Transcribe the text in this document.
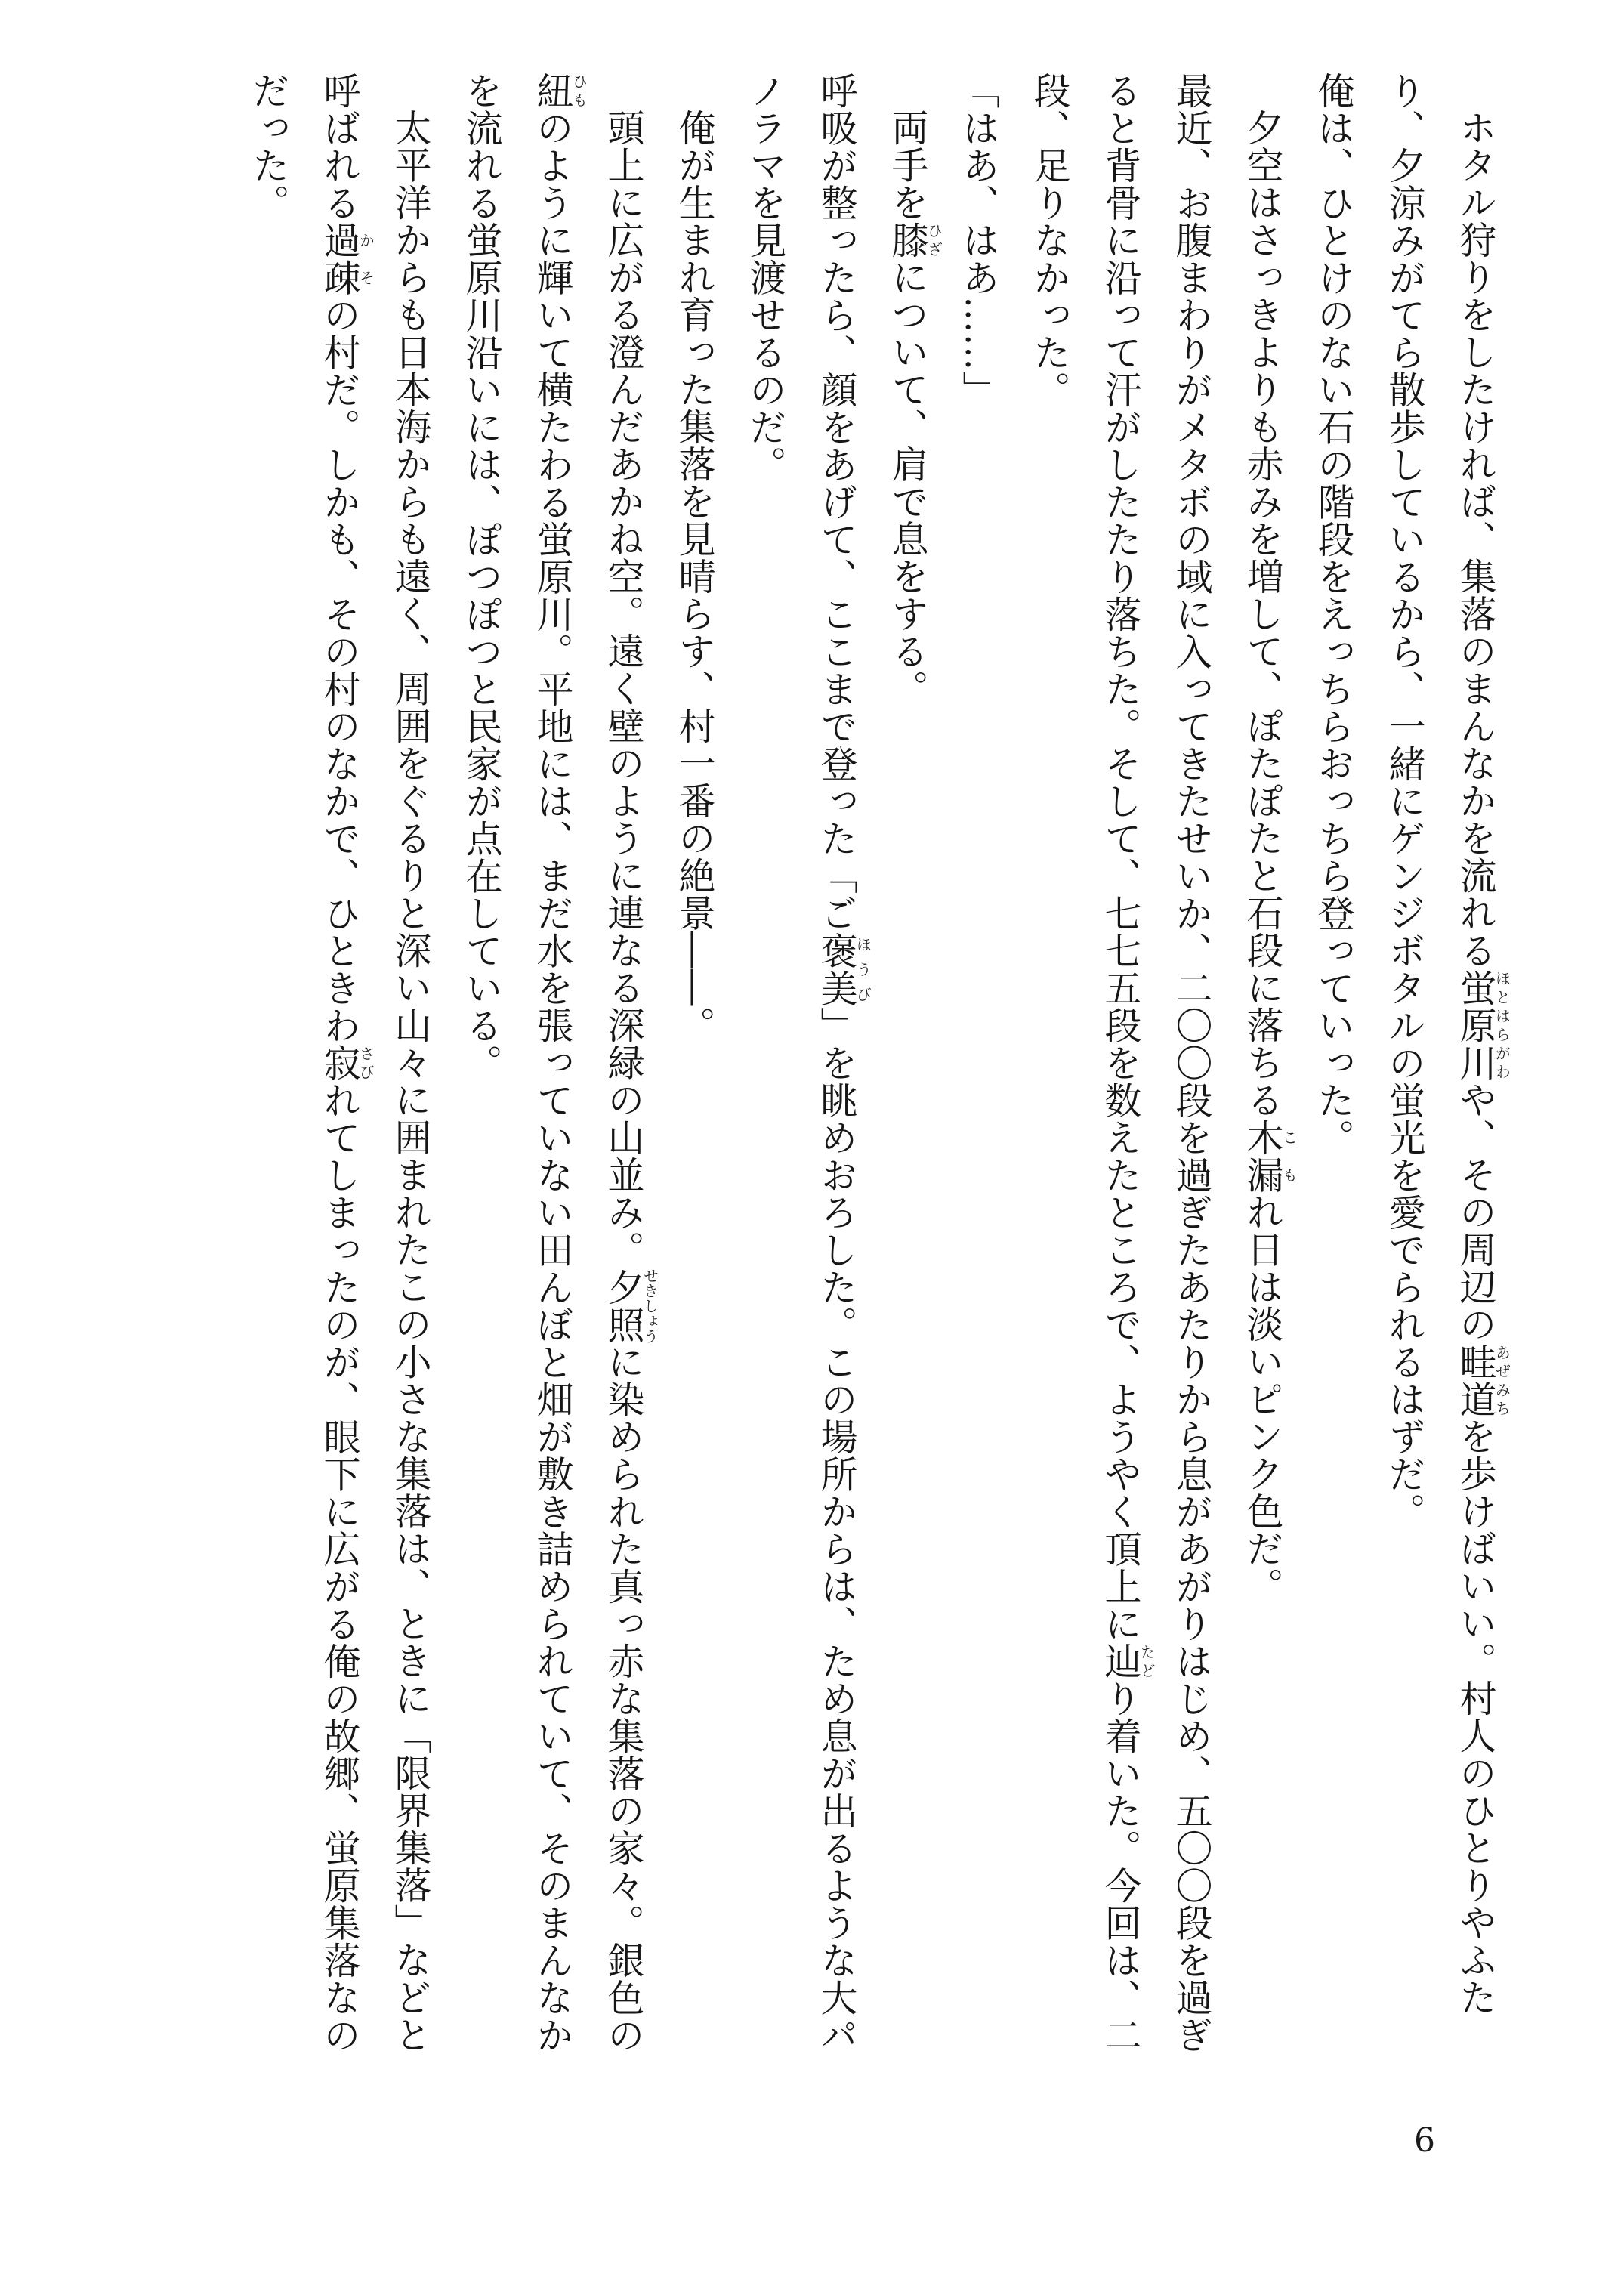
ホタル狩りをしたければ、集落のまんなかを流れる蛍原川ほとはらがわや、その周辺の畦道あぜみちを歩けばいい。村人のひとりやふたり、夕涼みがてら散歩しているから、一緒にゲンジボタルの蛍光を愛でられるはずだ。

俺は、ひとけのない石の階段をえっちらおっちら登っていった。

夕空はさっきよりも赤みを増して、ぽたぽたと石段に落ちる木漏こもれ日は淡いピンク色だ。

最近、お腹まわりがメタボの域に入ってきたせいか、二〇〇段を過ぎたあたりから息があがりはじめ、五〇〇段を過ぎると背骨に沿って汗がしたたり落ちた。そして、七七五段を数えたところで、ようやく頂上に辿たどり着いた。今回は、二段、足りなかった。

「はあ、はあ……」

両手を膝ひざについて、肩で息をする。

呼吸が整ったら、顔をあげて、ここまで登った「ご褒美ほうび」を眺めおろした。この場所からは、ため息が出るような大パノラマを見渡せるのだ。

俺が生まれ育った集落を見晴らす、村一番の絶景――。

頭上に広がる澄んだあかね空。遠く壁のように連なる深緑の山並み。夕照せきしょうに染められた真っ赤な集落の家々。銀色の紐ひものように輝いて横たわる蛍原川。平地には、まだ水を張っていない田んぼと畑が敷き詰められていて、そのまんなかを流れる蛍原川沿いには、ぽつぽつと民家が点在している。

太平洋からも日本海からも遠く、周囲をぐるりと深い山々に囲まれたこの小さな集落は、ときに「限界集落」などと呼ばれる過疎かその村だ。しかも、その村のなかで、ひときわ寂さびれてしまったのが、眼下に広がる俺の故郷、蛍原集落なのだった。

6
